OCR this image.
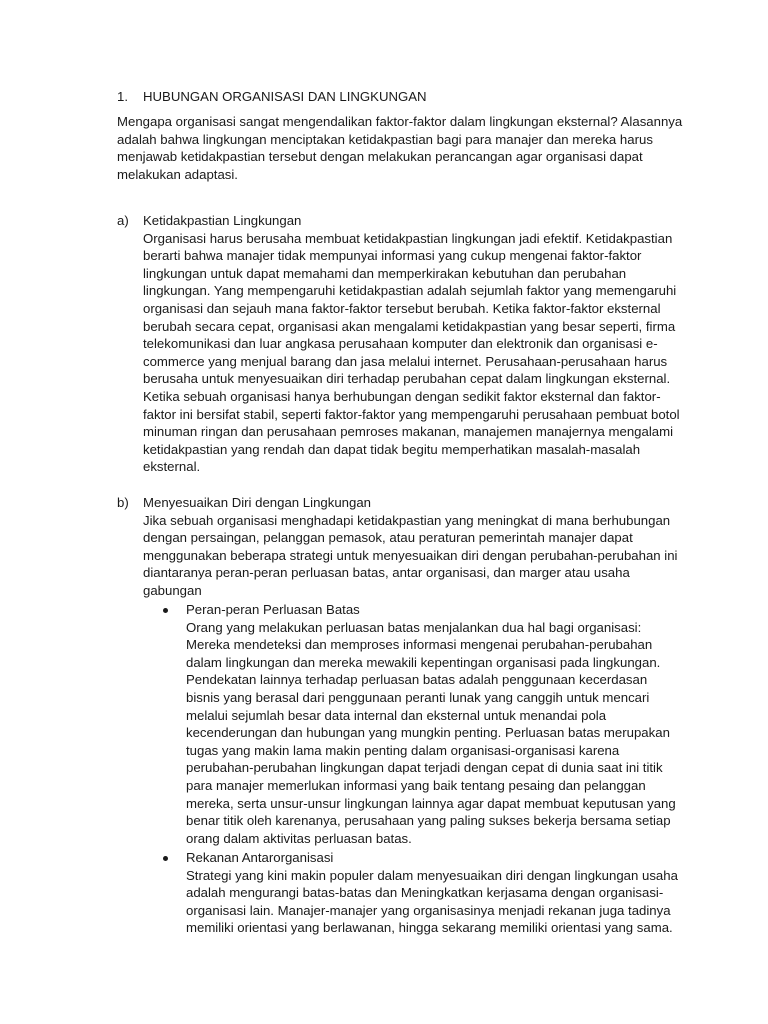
1. HUBUNGAN ORGANISASI DAN LINGKUNGAN

Mengapa organisasi sangat mengendalikan faktor-faktor dalam lingkungan eksternal? Alasannya adalah bahwa lingkungan menciptakan ketidakpastian bagi para manajer dan mereka harus menjawab ketidakpastian tersebut dengan melakukan perancangan agar organisasi dapat melakukan adaptasi.

a) Ketidakpastian Lingkungan

Organisasi harus berusaha membuat ketidakpastian lingkungan jadi efektif. Ketidakpastian berarti bahwa manajer tidak mempunyai informasi yang cukup mengenai faktor-faktor lingkungan untuk dapat memahami dan memperkirakan kebutuhan dan perubahan lingkungan. Yang mempengaruhi ketidakpastian adalah sejumlah faktor yang memengaruhi organisasi dan sejauh mana faktor-faktor tersebut berubah. Ketika faktor-faktor eksternal berubah secara cepat, organisasi akan mengalami ketidakpastian yang besar seperti, firma telekomunikasi dan luar angkasa perusahaan komputer dan elektronik dan organisasi e-commerce yang menjual barang dan jasa melalui internet. Perusahaan-perusahaan harus berusaha untuk menyesuaikan diri terhadap perubahan cepat dalam lingkungan eksternal. Ketika sebuah organisasi hanya berhubungan dengan sedikit faktor eksternal dan faktor-faktor ini bersifat stabil, seperti faktor-faktor yang mempengaruhi perusahaan pembuat botol minuman ringan dan perusahaan pemroses makanan, manajemen manajernya mengalami ketidakpastian yang rendah dan dapat tidak begitu memperhatikan masalah-masalah eksternal.

b) Menyesuaikan Diri dengan Lingkungan

Jika sebuah organisasi menghadapi ketidakpastian yang meningkat di mana berhubungan dengan persaingan, pelanggan pemasok, atau peraturan pemerintah manajer dapat menggunakan beberapa strategi untuk menyesuaikan diri dengan perubahan-perubahan ini diantaranya peran-peran perluasan batas, antar organisasi, dan marger atau usaha gabungan

Peran-peran Perluasan Batas

Orang yang melakukan perluasan batas menjalankan dua hal bagi organisasi: Mereka mendeteksi dan memproses informasi mengenai perubahan-perubahan dalam lingkungan dan mereka mewakili kepentingan organisasi pada lingkungan. Pendekatan lainnya terhadap perluasan batas adalah penggunaan kecerdasan bisnis yang berasal dari penggunaan peranti lunak yang canggih untuk mencari melalui sejumlah besar data internal dan eksternal untuk menandai pola kecenderungan dan hubungan yang mungkin penting. Perluasan batas merupakan tugas yang makin lama makin penting dalam organisasi-organisasi karena perubahan-perubahan lingkungan dapat terjadi dengan cepat di dunia saat ini titik para manajer memerlukan informasi yang baik tentang pesaing dan pelanggan mereka, serta unsur-unsur lingkungan lainnya agar dapat membuat keputusan yang benar titik oleh karenanya, perusahaan yang paling sukses bekerja bersama setiap orang dalam aktivitas perluasan batas.

Rekanan Antarorganisasi

Strategi yang kini makin populer dalam menyesuaikan diri dengan lingkungan usaha adalah mengurangi batas-batas dan Meningkatkan kerjasama dengan organisasi-organisasi lain. Manajer-manajer yang organisasinya menjadi rekanan juga tadinya memiliki orientasi yang berlawanan, hingga sekarang memiliki orientasi yang sama.
